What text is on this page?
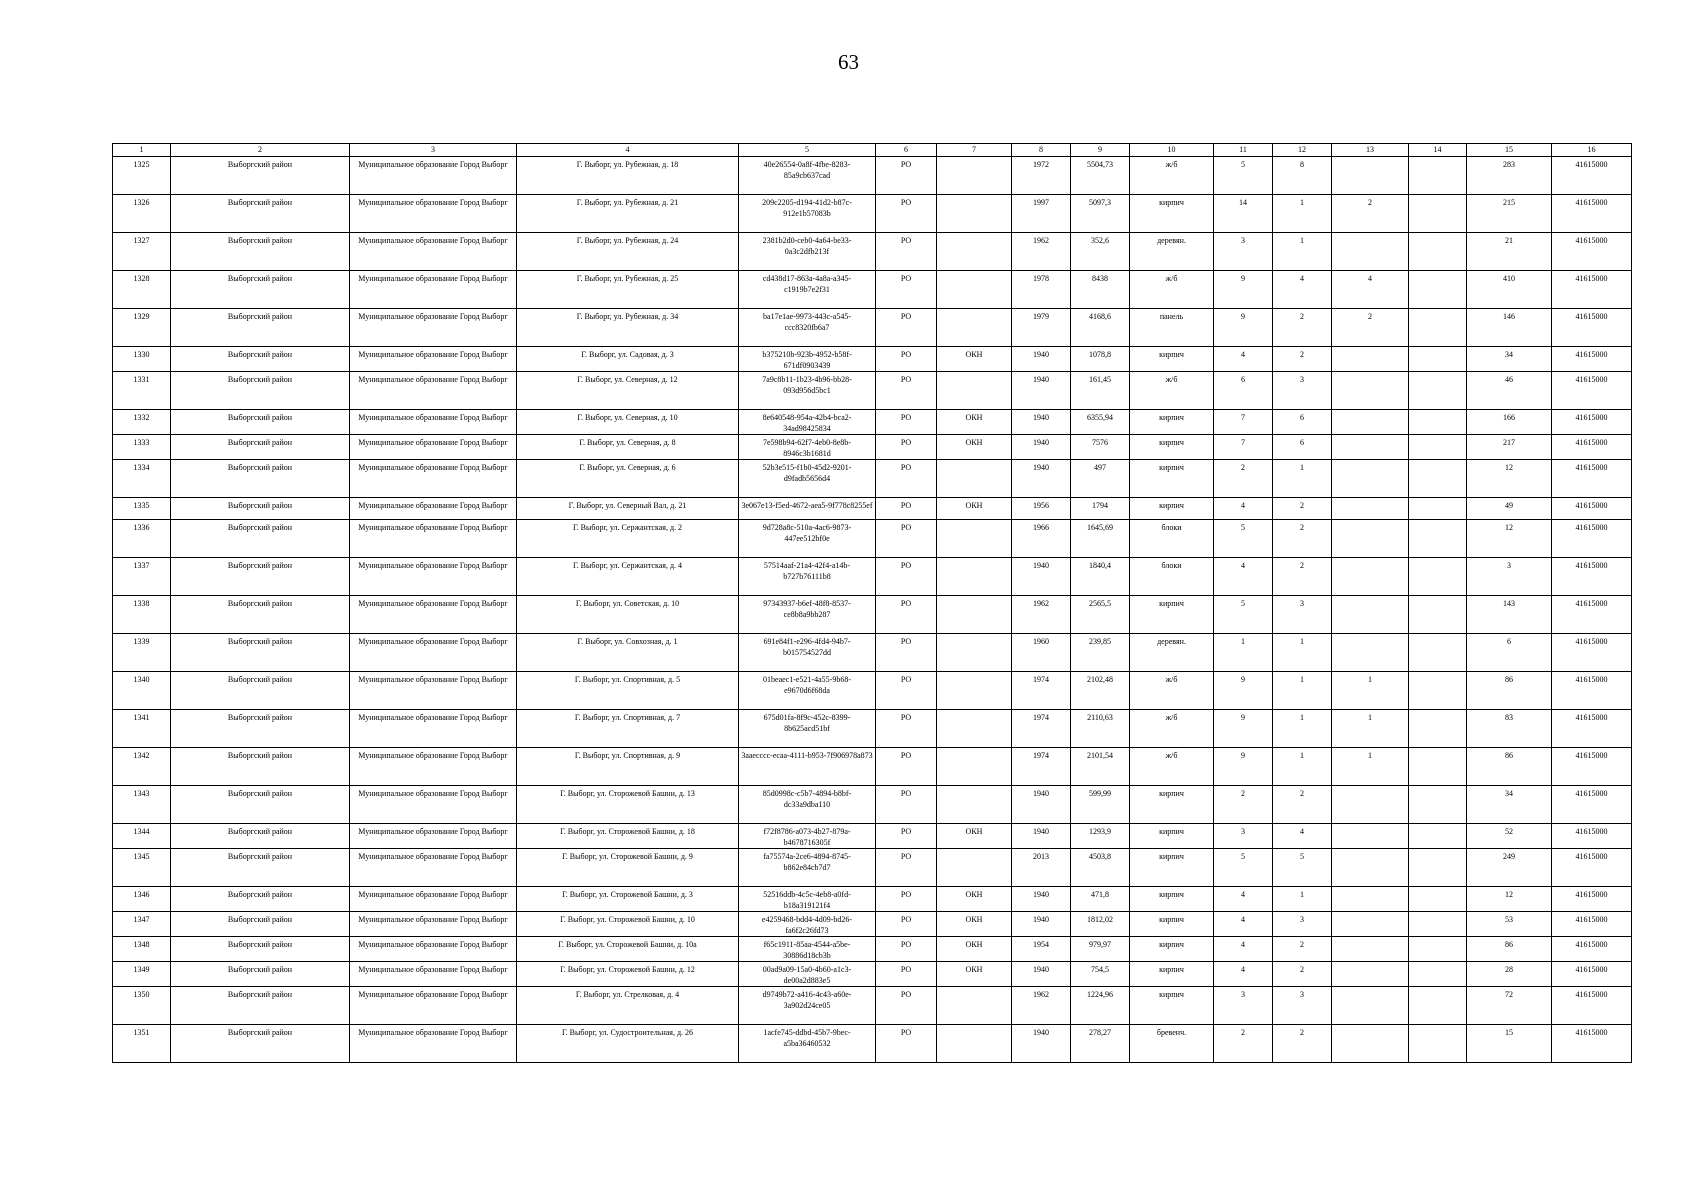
63
1	2	3	4	5	6	7	8	9	10	11	12	13	14	15	16
1325	Выборгский район	Муниципальное образование Город Выборг	Г. Выборг, ул. Рубежная, д. 18	40e26554-0a8f-4fbe-8283-85a9cb637cad	РО		1972	5504,73	ж/б	5	8			283	41615000
1326	Выборгский район	Муниципальное образование Город Выборг	Г. Выборг, ул. Рубежная, д. 21	209c2205-d194-41d2-b87c-912e1b57083b	РО		1997	5097,3	кирпич	14	1	2		215	41615000
1327	Выборгский район	Муниципальное образование Город Выборг	Г. Выборг, ул. Рубежная, д. 24	2381b2d0-ceb0-4a64-be33-0a3c2dfb213f	РО		1962	352,6	деревян.	3	1			21	41615000
1328	Выборгский район	Муниципальное образование Город Выборг	Г. Выборг, ул. Рубежная, д. 25	cd438d17-863a-4a8a-a345-c1919b7e2f31	РО		1978	8438	ж/б	9	4	4		410	41615000
1329	Выборгский район	Муниципальное образование Город Выборг	Г. Выборг, ул. Рубежная, д. 34	ba17e1ae-9973-443c-a545-ccc8320fb6a7	РО		1979	4168,6	панель	9	2	2		146	41615000
1330	Выборгский район	Муниципальное образование Город Выборг	Г. Выборг, ул. Садовая, д. 3	b375210b-923b-4952-b58f-671df0903439	РО	ОКН	1940	1078,8	кирпич	4	2			34	41615000
1331	Выборгский район	Муниципальное образование Город Выборг	Г. Выборг, ул. Северная, д. 12	7a9c8b11-1b23-4b96-bb28-093d956d5bc1	РО		1940	161,45	ж/б	6	3			46	41615000
1332	Выборгский район	Муниципальное образование Город Выборг	Г. Выборг, ул. Северная, д. 10	8e640548-954a-42b4-bca2-34ad98425834	РО	ОКН	1940	6355,94	кирпич	7	6			166	41615000
1333	Выборгский район	Муниципальное образование Город Выборг	Г. Выборг, ул. Северная, д. 8	7e598b94-62f7-4eb0-8e8b-8946c3b1681d	РО	ОКН	1940	7576	кирпич	7	6			217	41615000
1334	Выборгский район	Муниципальное образование Город Выборг	Г. Выборг, ул. Северная, д. 6	52b3e515-f1b0-45d2-9201-d9fadb5656d4	РО		1940	497	кирпич	2	1			12	41615000
1335	Выборгский район	Муниципальное образование Город Выборг	Г. Выборг, ул. Северный Вал, д. 21	3e067e13-f5ed-4672-aea5-9f778c8255ef	РО	ОКН	1956	1794	кирпич	4	2			49	41615000
1336	Выборгский район	Муниципальное образование Город Выборг	Г. Выборг, ул. Сержантская, д. 2	9d728a8c-510a-4ac6-9873-447ee512bf0e	РО		1966	1645,69	блоки	5	2			12	41615000
1337	Выборгский район	Муниципальное образование Город Выборг	Г. Выборг, ул. Сержантская, д. 4	57514aaf-21a4-42f4-a14b-b727b76111b8	РО		1940	1840,4	блоки	4	2			3	41615000
1338	Выборгский район	Муниципальное образование Город Выборг	Г. Выборг, ул. Советская, д. 10	97343937-b6ef-48f8-8537-ce8b8a9bb287	РО		1962	2565,5	кирпич	5	3			143	41615000
1339	Выборгский район	Муниципальное образование Город Выборг	Г. Выборг, ул. Совхозная, д. 1	691e84f1-e296-4fd4-94b7-b015754527dd	РО		1960	239,85	деревян.	1	1			6	41615000
1340	Выборгский район	Муниципальное образование Город Выборг	Г. Выборг, ул. Спортивная, д. 5	01beaec1-e521-4a55-9b68-e9670d6f68da	РО		1974	2102,48	ж/б	9	1	1		86	41615000
1341	Выборгский район	Муниципальное образование Город Выборг	Г. Выборг, ул. Спортивная, д. 7	675d01fa-8f9c-452c-8399-8b625acd51bf	РО		1974	2110,63	ж/б	9	1	1		83	41615000
1342	Выборгский район	Муниципальное образование Город Выборг	Г. Выборг, ул. Спортивная, д. 9	3aaecccc-ecaa-4111-b953-7f906978a873	РО		1974	2101,54	ж/б	9	1	1		86	41615000
1343	Выборгский район	Муниципальное образование Город Выборг	Г. Выборг, ул. Сторожевой Башни, д. 13	85d0998c-c5b7-4894-b8bf-dc33a9dba110	РО		1940	599,99	кирпич	2	2			34	41615000
1344	Выборгский район	Муниципальное образование Город Выборг	Г. Выборг, ул. Сторожевой Башни, д. 18	f72f8786-a073-4b27-879a-b4678716305f	РО	ОКН	1940	1293,9	кирпич	3	4			52	41615000
1345	Выборгский район	Муниципальное образование Город Выборг	Г. Выборг, ул. Сторожевой Башни, д. 9	fa75574a-2ce6-4894-8745-b862e84cb7d7	РО		2013	4503,8	кирпич	5	5			249	41615000
1346	Выборгский район	Муниципальное образование Город Выборг	Г. Выборг, ул. Сторожевой Башни, д. 3	52516ddb-4c5c-4eb8-a0fd-b18a319121f4	РО	ОКН	1940	471,8	кирпич	4	1			12	41615000
1347	Выборгский район	Муниципальное образование Город Выборг	Г. Выборг, ул. Сторожевой Башни, д. 10	e4259468-bdd4-4d09-bd26-fa6f2c26fd73	РО	ОКН	1940	1812,02	кирпич	4	3			53	41615000
1348	Выборгский район	Муниципальное образование Город Выборг	Г. Выборг, ул. Сторожевой Башни, д. 10а	f65c1911-85aa-4544-a5be-30886d18cb3b	РО	ОКН	1954	979,97	кирпич	4	2			86	41615000
1349	Выборгский район	Муниципальное образование Город Выборг	Г. Выборг, ул. Сторожевой Башни, д. 12	00ad9a09-15a0-4b60-a1c3-de00a2d883e5	РО	ОКН	1940	754,5	кирпич	4	2			28	41615000
1350	Выборгский район	Муниципальное образование Город Выборг	Г. Выборг, ул. Стрелковая, д. 4	d9749b72-a416-4c43-a60e-3a902d24ce05	РО		1962	1224,96	кирпич	3	3			72	41615000
1351	Выборгский район	Муниципальное образование Город Выборг	Г. Выборг, ул. Судостроительная, д. 26	1acfe745-ddbd-45b7-9bec-a5ba36460532	РО		1940	278,27	бревенч.	2	2			15	41615000
